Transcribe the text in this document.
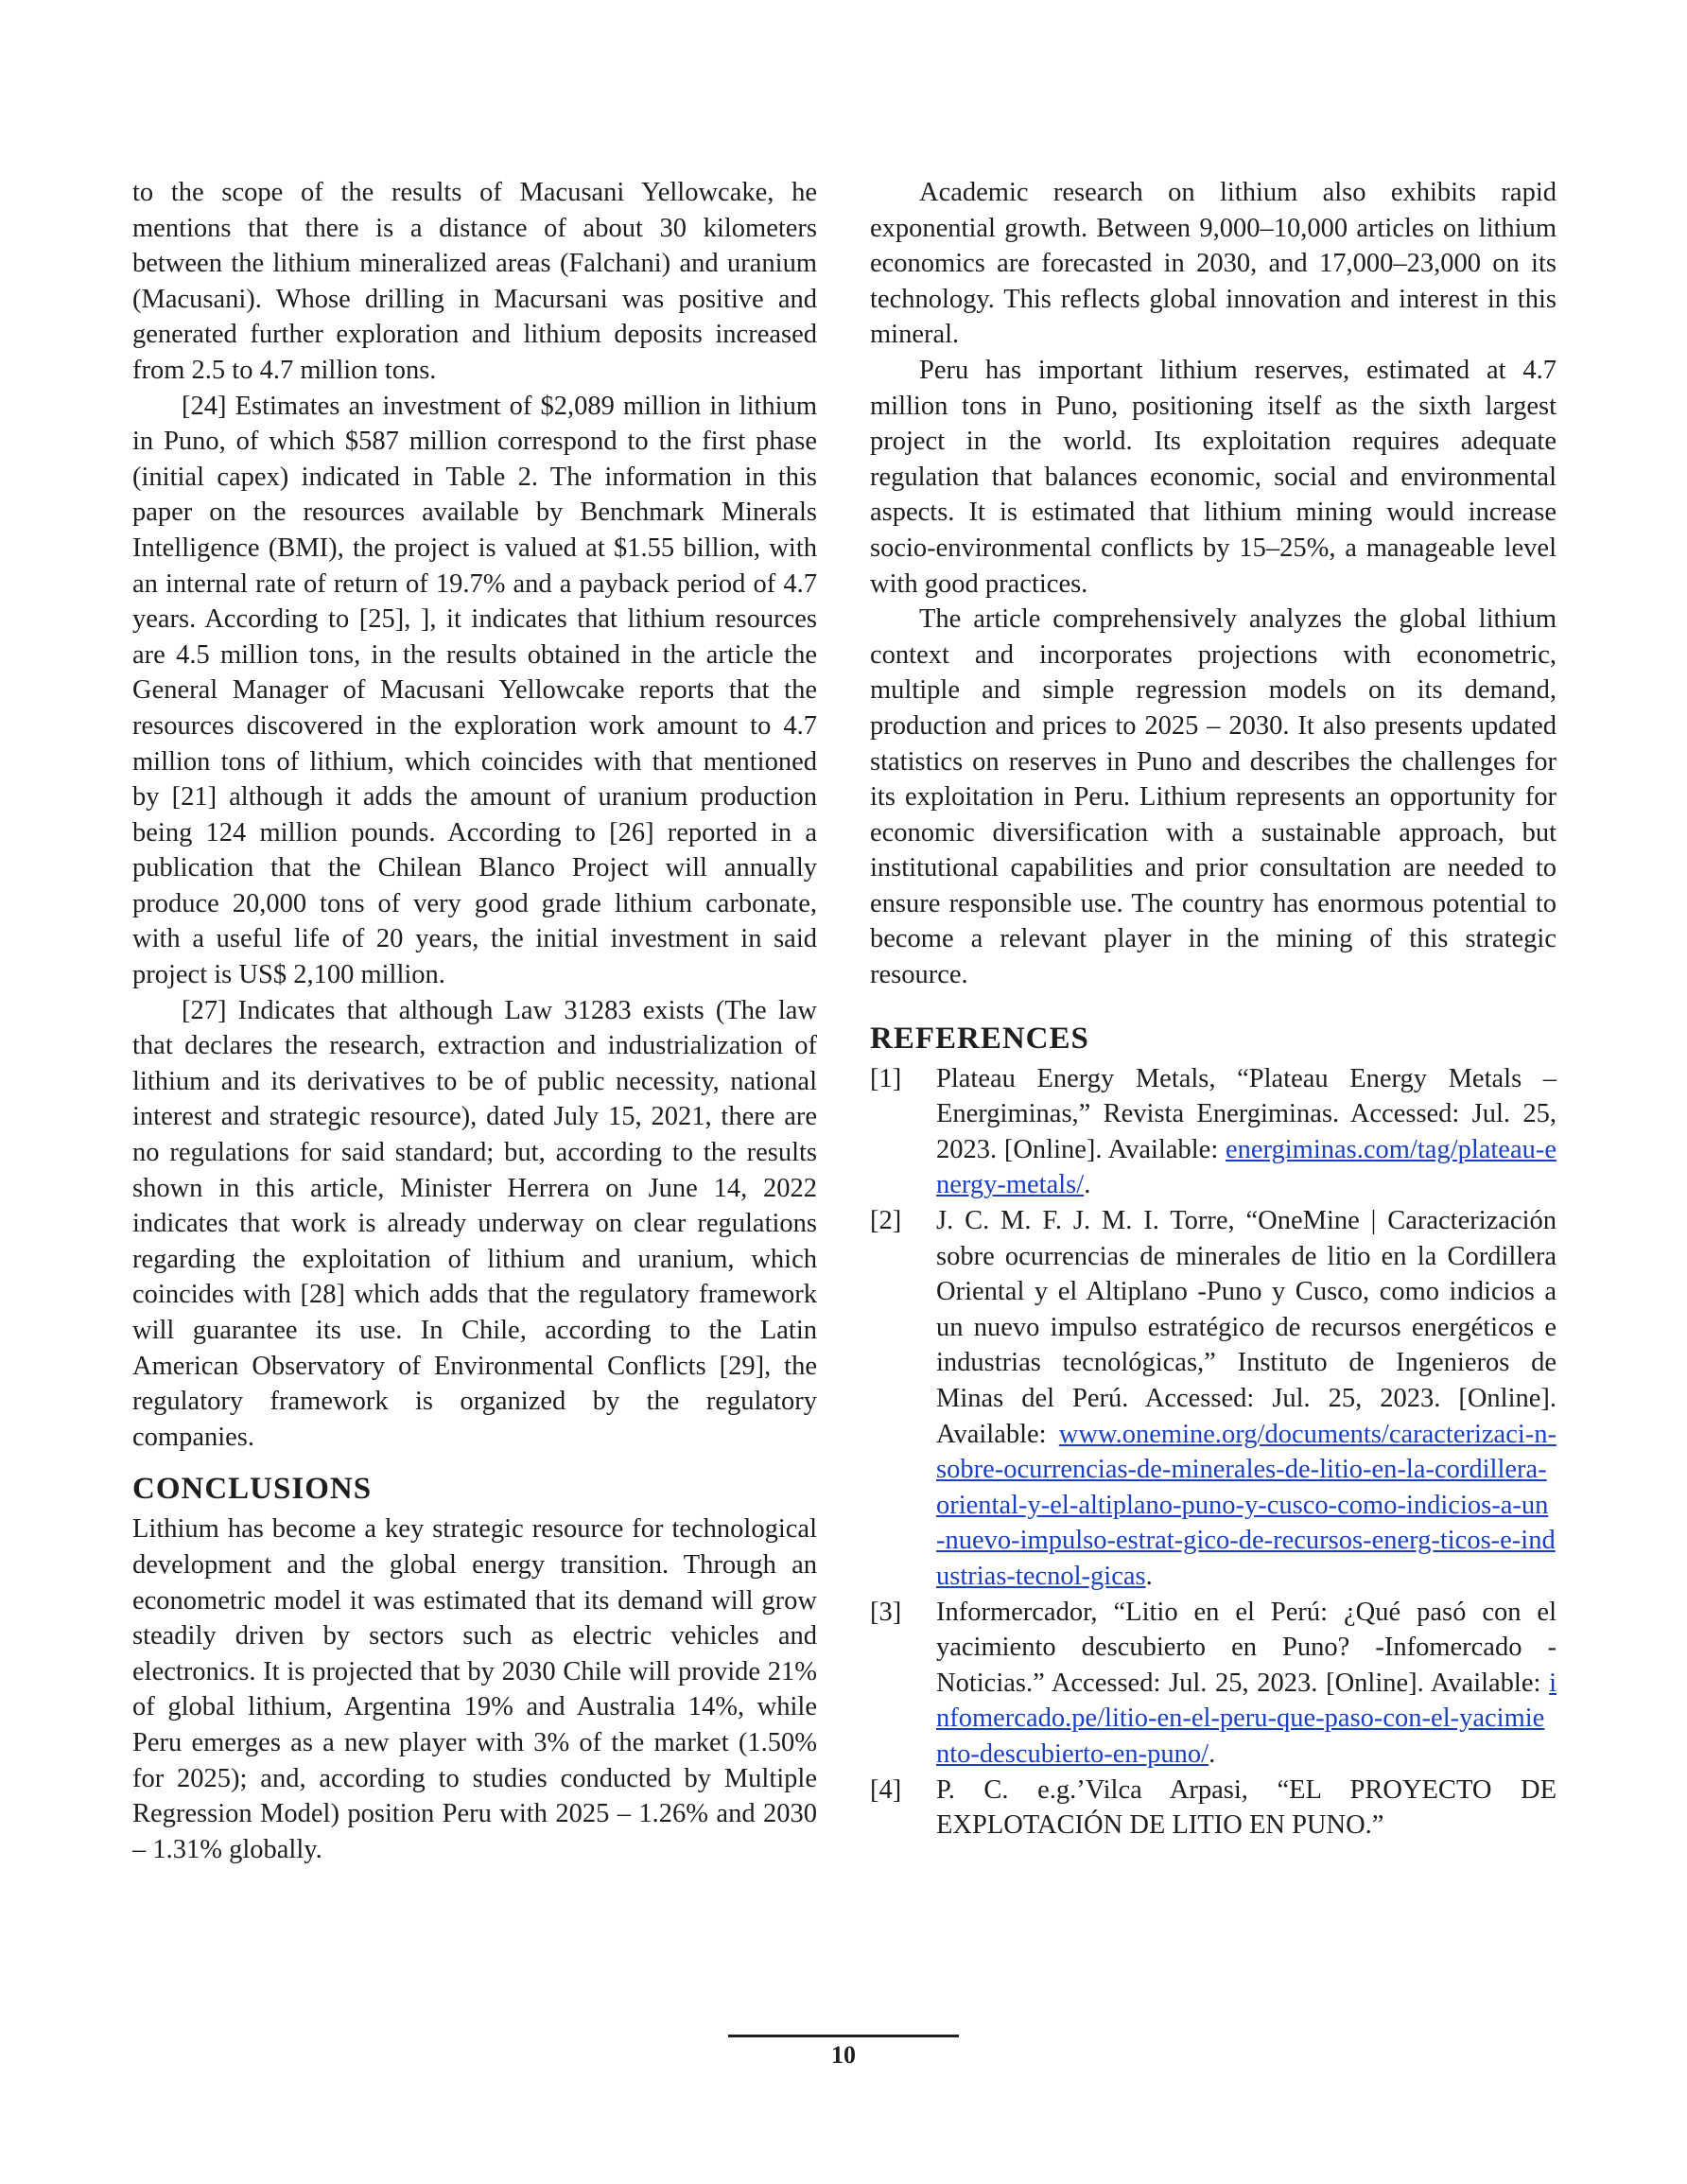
to the scope of the results of Macusani Yellowcake, he mentions that there is a distance of about 30 kilometers between the lithium mineralized areas (Falchani) and uranium (Macusani). Whose drilling in Macursani was positive and generated further exploration and lithium deposits increased from 2.5 to 4.7 million tons.

[24] Estimates an investment of $2,089 million in lithium in Puno, of which $587 million correspond to the first phase (initial capex) indicated in Table 2. The information in this paper on the resources available by Benchmark Minerals Intelligence (BMI), the project is valued at $1.55 billion, with an internal rate of return of 19.7% and a payback period of 4.7 years. According to [25], ], it indicates that lithium resources are 4.5 million tons, in the results obtained in the article the General Manager of Macusani Yellowcake reports that the resources discovered in the exploration work amount to 4.7 million tons of lithium, which coincides with that mentioned by [21] although it adds the amount of uranium production being 124 million pounds. According to [26] reported in a publication that the Chilean Blanco Project will annually produce 20,000 tons of very good grade lithium carbonate, with a useful life of 20 years, the initial investment in said project is US$ 2,100 million.

[27] Indicates that although Law 31283 exists (The law that declares the research, extraction and industrialization of lithium and its derivatives to be of public necessity, national interest and strategic resource), dated July 15, 2021, there are no regulations for said standard; but, according to the results shown in this article, Minister Herrera on June 14, 2022 indicates that work is already underway on clear regulations regarding the exploitation of lithium and uranium, which coincides with [28] which adds that the regulatory framework will guarantee its use. In Chile, according to the Latin American Observatory of Environmental Conflicts [29], the regulatory framework is organized by the regulatory companies.

CONCLUSIONS

Lithium has become a key strategic resource for technological development and the global energy transition. Through an econometric model it was estimated that its demand will grow steadily driven by sectors such as electric vehicles and electronics. It is projected that by 2030 Chile will provide 21% of global lithium, Argentina 19% and Australia 14%, while Peru emerges as a new player with 3% of the market (1.50% for 2025); and, according to studies conducted by Multiple Regression Model) position Peru with 2025 – 1.26% and 2030 – 1.31% globally.

Academic research on lithium also exhibits rapid exponential growth. Between 9,000–10,000 articles on lithium economics are forecasted in 2030, and 17,000–23,000 on its technology. This reflects global innovation and interest in this mineral.

Peru has important lithium reserves, estimated at 4.7 million tons in Puno, positioning itself as the sixth largest project in the world. Its exploitation requires adequate regulation that balances economic, social and environmental aspects. It is estimated that lithium mining would increase socio-environmental conflicts by 15–25%, a manageable level with good practices.

The article comprehensively analyzes the global lithium context and incorporates projections with econometric, multiple and simple regression models on its demand, production and prices to 2025 – 2030. It also presents updated statistics on reserves in Puno and describes the challenges for its exploitation in Peru. Lithium represents an opportunity for economic diversification with a sustainable approach, but institutional capabilities and prior consultation are needed to ensure responsible use. The country has enormous potential to become a relevant player in the mining of this strategic resource.

REFERENCES
[1]	Plateau Energy Metals, “Plateau Energy Metals – Energiminas,” Revista Energiminas. Accessed: Jul. 25, 2023. [Online]. Available: energiminas.com/tag/plateau-energy-metals/.
[2]	J. C. M. F. J. M. I. Torre, “OneMine | Caracterización sobre ocurrencias de minerales de litio en la Cordillera Oriental y el Altiplano -Puno y Cusco, como indicios a un nuevo impulso estratégico de recursos energéticos e industrias tecnológicas,” Instituto de Ingenieros de Minas del Perú. Accessed: Jul. 25, 2023. [Online]. Available: www.onemine.org/documents/caracterizaci-n-sobre-ocurrencias-de-minerales-de-litio-en-la-cordillera-oriental-y-el-altiplano-puno-y-cusco-como-indicios-a-un-nuevo-impulso-estrat-gico-de-recursos-energ-ticos-e-industrias-tecnol-gicas.
[3]	Informercador, “Litio en el Perú: ¿Qué pasó con el yacimiento descubierto en Puno? -Infomercado -Noticias.” Accessed: Jul. 25, 2023. [Online]. Available: infomercado.pe/litio-en-el-peru-que-paso-con-el-yacimiento-descubierto-en-puno/.
[4]	P. C. e.g.’Vilca Arpasi, “EL PROYECTO DE EXPLOTACIÓN DE LITIO EN PUNO.”
10
